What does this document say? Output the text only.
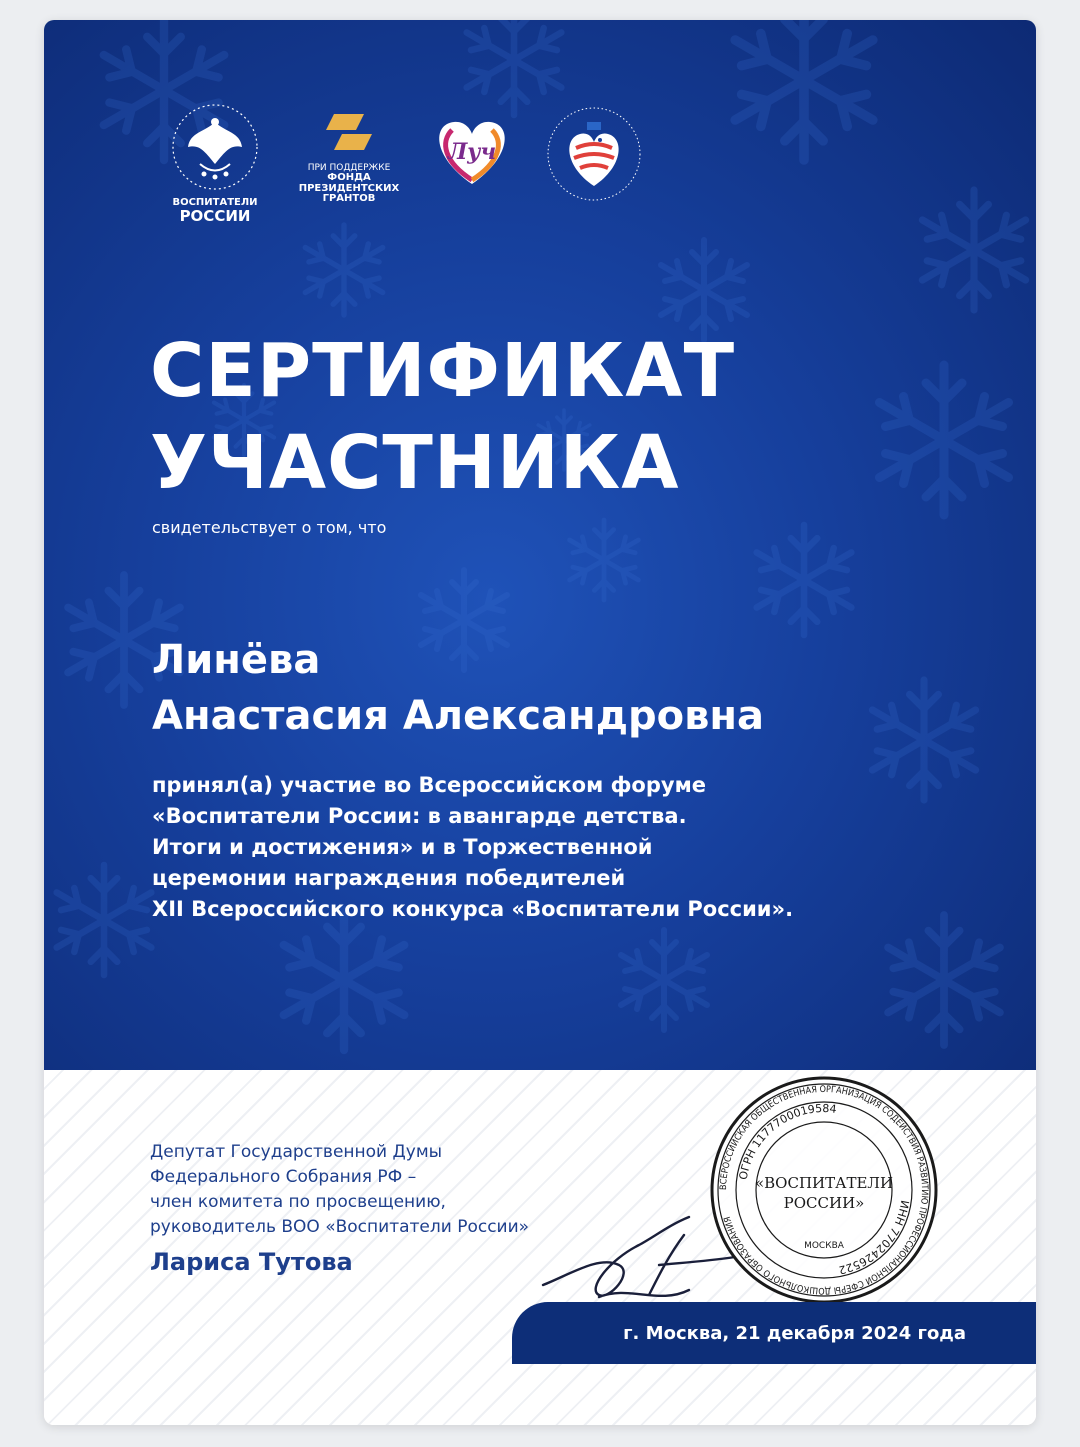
ВОСПИТАТЕЛИ
РОССИИ
ПРИ ПОДДЕРЖКЕ
ФОНДА
ПРЕЗИДЕНТСКИХ
ГРАНТОВ
Луч
СЕРТИФИКАТ
УЧАСТНИКА
свидетельствует о том, что
Линёва
Анастасия Александровна
принял(а) участие во Всероссийском форуме
«Воспитатели России: в авангарде детства.
Итоги и достижения» и в Торжественной
церемонии награждения победителей
XII Всероссийского конкурса «Воспитатели России».
Депутат Государственной Думы
Федерального Собрания РФ –
член комитета по просвещению,
руководитель ВОО «Воспитатели России»
Лариса Тутова
ВСЕРОССИЙСКАЯ ОБЩЕСТВЕННАЯ ОРГАНИЗАЦИЯ СОДЕЙСТВИЯ РАЗВИТИЮ ПРОФЕССИОНАЛЬНОЙ СФЕРЫ ДОШКОЛЬНОГО ОБРАЗОВАНИЯ
ОГРН 1177700019584
ИНН 7702426522
«ВОСПИТАТЕЛИ
РОССИИ»
МОСКВА
г. Москва, 21 декабря 2024 года
